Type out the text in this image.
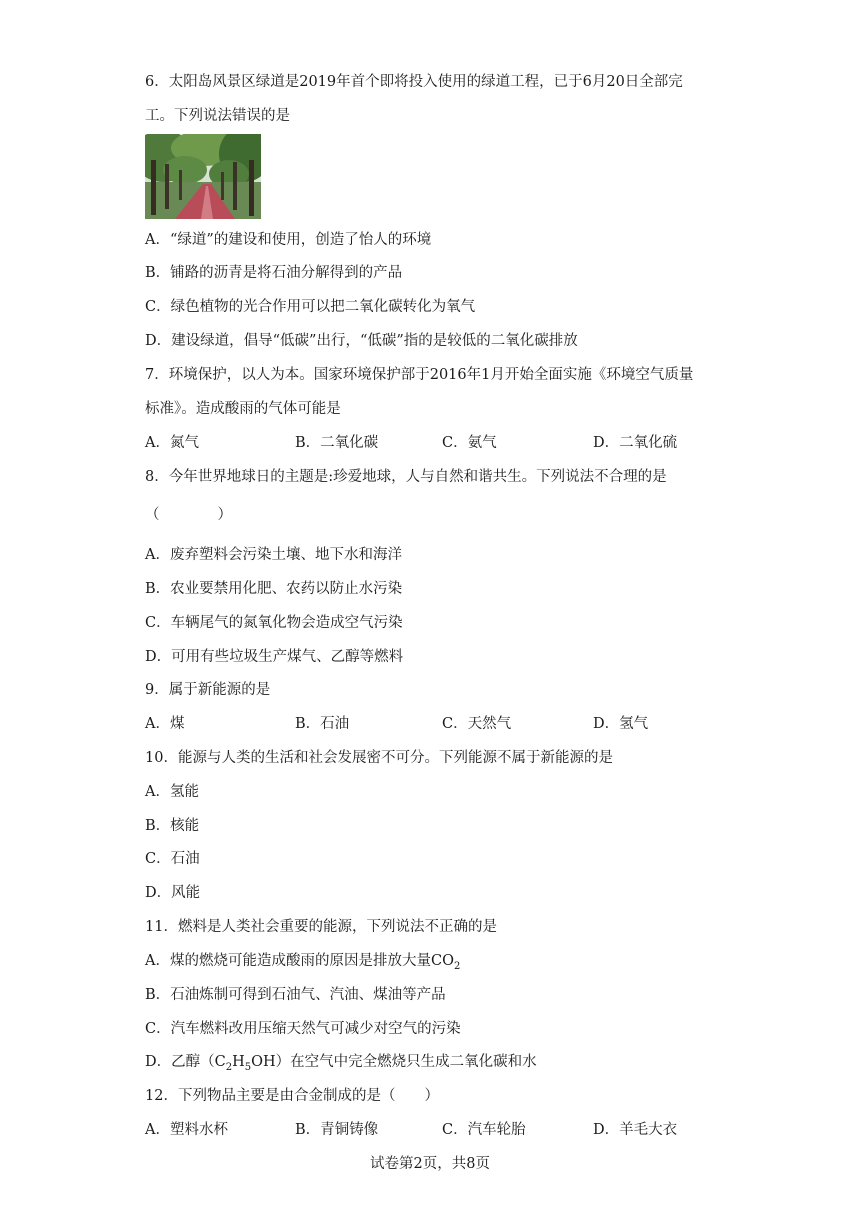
6．太阳岛风景区绿道是2019年首个即将投入使用的绿道工程，已于6月20日全部完
工。下列说法错误的是
A．“绿道”的建设和使用，创造了怡人的环境
B．铺路的沥青是将石油分解得到的产品
C．绿色植物的光合作用可以把二氧化碳转化为氧气
D．建设绿道，倡导“低碳”出行，“低碳”指的是较低的二氧化碳排放
7．环境保护，以人为本。国家环境保护部于2016年1月开始全面实施《环境空气质量
标准》。造成酸雨的气体可能是
A．氮气	B．二氧化碳	C．氨气	D．二氧化硫
8．今年世界地球日的主题是:珍爱地球，人与自然和谐共生。下列说法不合理的是
（　　　　）
A．废弃塑料会污染土壤、地下水和海洋
B．农业要禁用化肥、农药以防止水污染
C．车辆尾气的氮氧化物会造成空气污染
D．可用有些垃圾生产煤气、乙醇等燃料
9．属于新能源的是
A．煤	B．石油	C．天然气	D．氢气
10．能源与人类的生活和社会发展密不可分。下列能源不属于新能源的是
A．氢能
B．核能
C．石油
D．风能
11．燃料是人类社会重要的能源，下列说法不正确的是
A．煤的燃烧可能造成酸雨的原因是排放大量$CO_2$
B．石油炼制可得到石油气、汽油、煤油等产品
C．汽车燃料改用压缩天然气可减少对空气的污染
D．乙醇$(C_2H_5OH)$在空气中完全燃烧只生成二氧化碳和水
12．下列物品主要是由合金制成的是（　　）
A．塑料水杯	B．青铜铸像	C．汽车轮胎	D．羊毛大衣
试卷第2页，共8页
